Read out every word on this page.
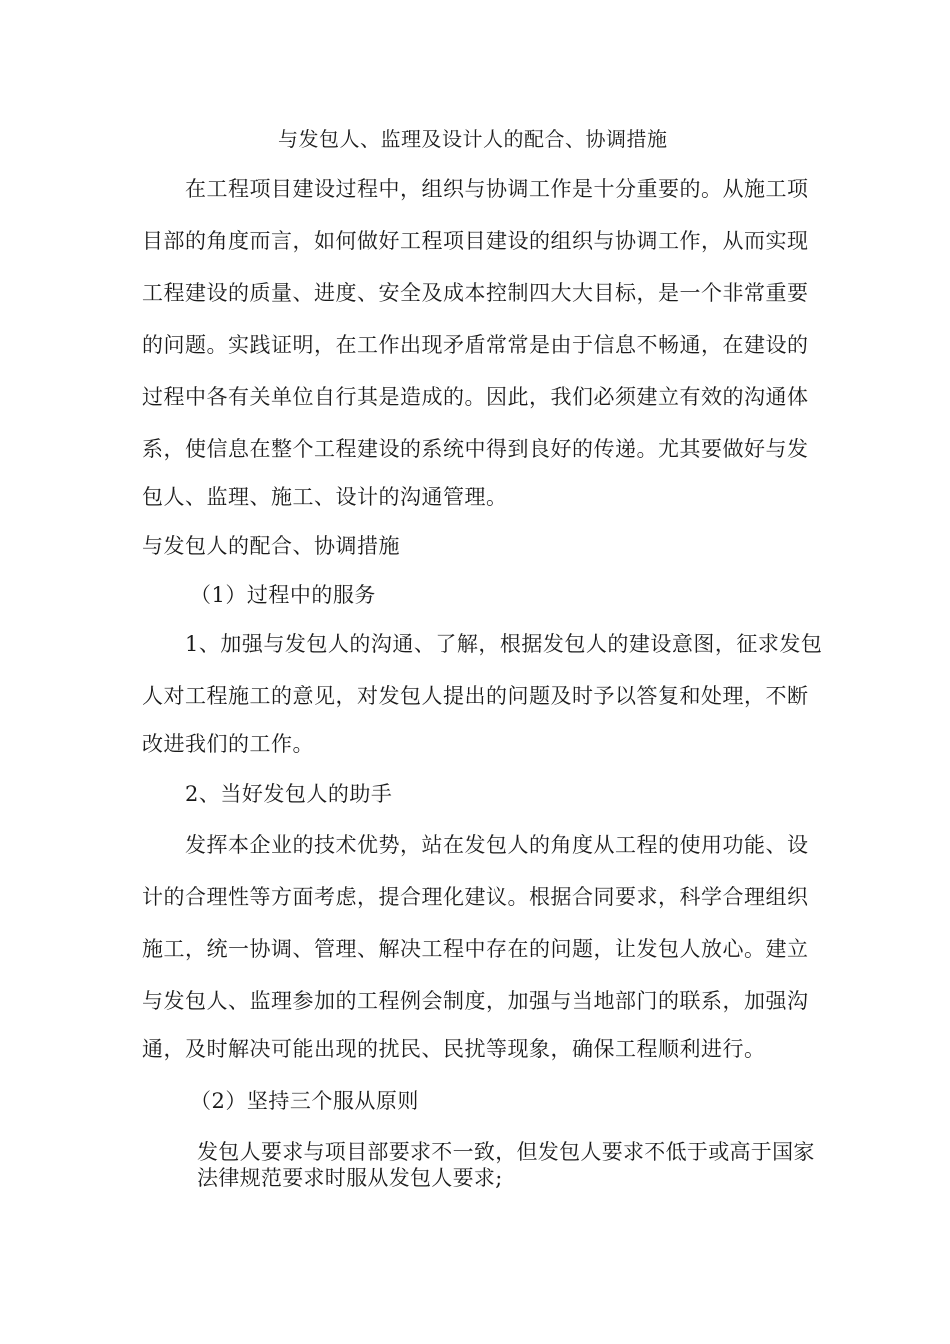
与发包人、监理及设计人的配合、协调措施
在工程项目建设过程中，组织与协调工作是十分重要的。从施工项
目部的角度而言，如何做好工程项目建设的组织与协调工作，从而实现
工程建设的质量、进度、安全及成本控制四大大目标，是一个非常重要
的问题。实践证明，在工作出现矛盾常常是由于信息不畅通，在建设的
过程中各有关单位自行其是造成的。因此，我们必须建立有效的沟通体
系，使信息在整个工程建设的系统中得到良好的传递。尤其要做好与发
包人、监理、施工、设计的沟通管理。
与发包人的配合、协调措施
（1）过程中的服务
1、加强与发包人的沟通、了解，根据发包人的建设意图，征求发包
人对工程施工的意见，对发包人提出的问题及时予以答复和处理，不断
改进我们的工作。
2、当好发包人的助手
发挥本企业的技术优势，站在发包人的角度从工程的使用功能、设
计的合理性等方面考虑，提合理化建议。根据合同要求，科学合理组织
施工，统一协调、管理、解决工程中存在的问题，让发包人放心。建立
与发包人、监理参加的工程例会制度，加强与当地部门的联系，加强沟
通，及时解决可能出现的扰民、民扰等现象，确保工程顺利进行。
（2）坚持三个服从原则
发包人要求与项目部要求不一致，但发包人要求不低于或高于国家
法律规范要求时服从发包人要求;
